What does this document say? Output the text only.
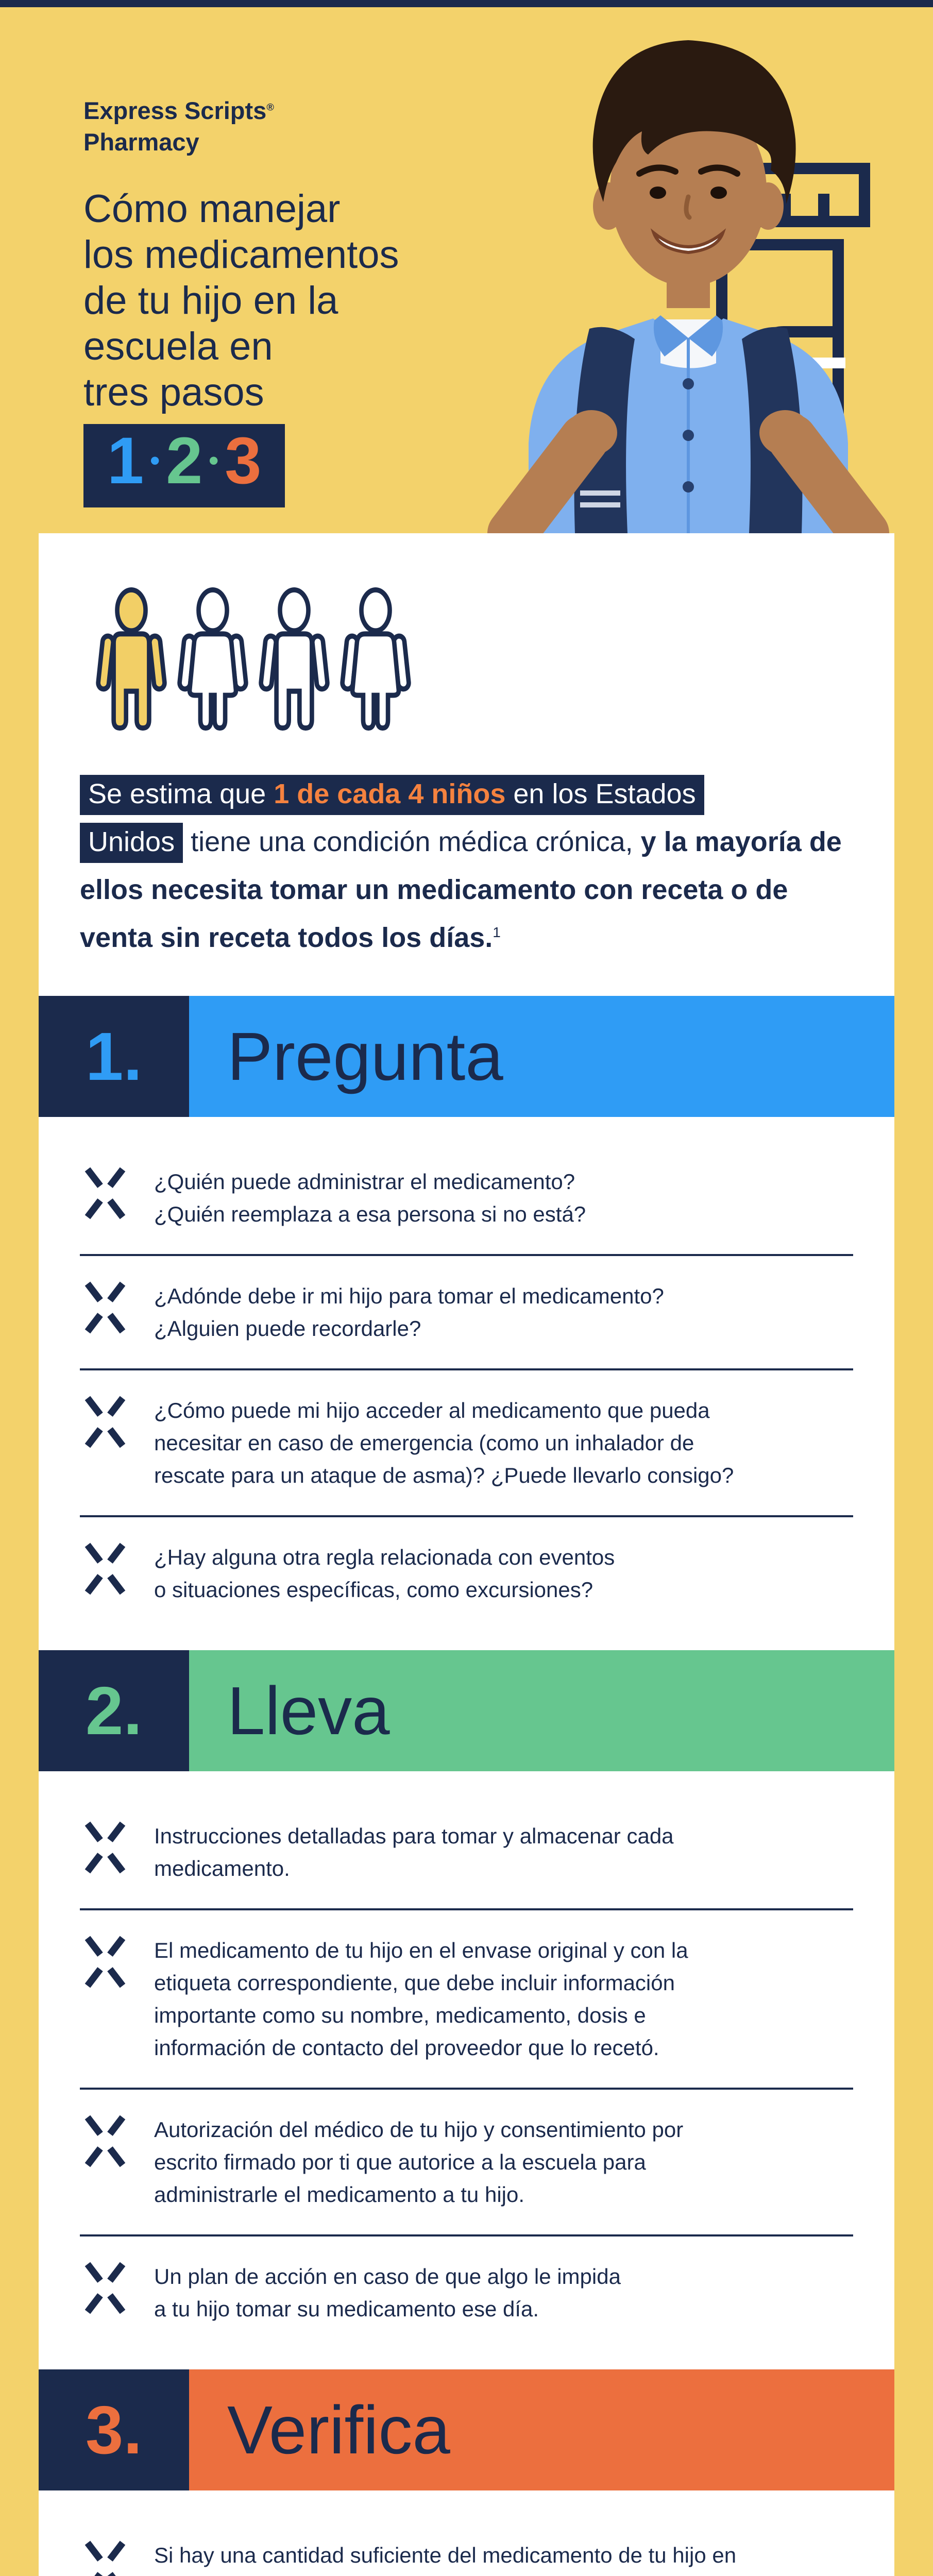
Express Scripts®
Pharmacy
Cómo manejar
los medicamentos
de tu hijo en la
escuela en
tres pasos
1 •2 •3

Se estima que 1 de cada 4 niños en los Estados
Unidos tiene una condición médica crónica, y la mayoría de ellos necesita tomar un medicamento con receta o de venta sin receta todos los días.$^1$

1.	Pregunta

¿Quién puede administrar el medicamento?
¿Quién reemplaza a esa persona si no está?

¿Adónde debe ir mi hijo para tomar el medicamento?
¿Alguien puede recordarle?

¿Cómo puede mi hijo acceder al medicamento que pueda
necesitar en caso de emergencia (como un inhalador de
rescate para un ataque de asma)? ¿Puede llevarlo consigo?

¿Hay alguna otra regla relacionada con eventos
o situaciones específicas, como excursiones?

2.	Lleva

Instrucciones detalladas para tomar y almacenar cada
medicamento.

El medicamento de tu hijo en el envase original y con la
etiqueta correspondiente, que debe incluir información
importante como su nombre, medicamento, dosis e
información de contacto del proveedor que lo recetó.

Autorización del médico de tu hijo y consentimiento por
escrito firmado por ti que autorice a la escuela para
administrarle el medicamento a tu hijo.

Un plan de acción en caso de que algo le impida
a tu hijo tomar su medicamento ese día.

3.	Verifica

Si hay una cantidad suficiente del medicamento de tu hijo en
